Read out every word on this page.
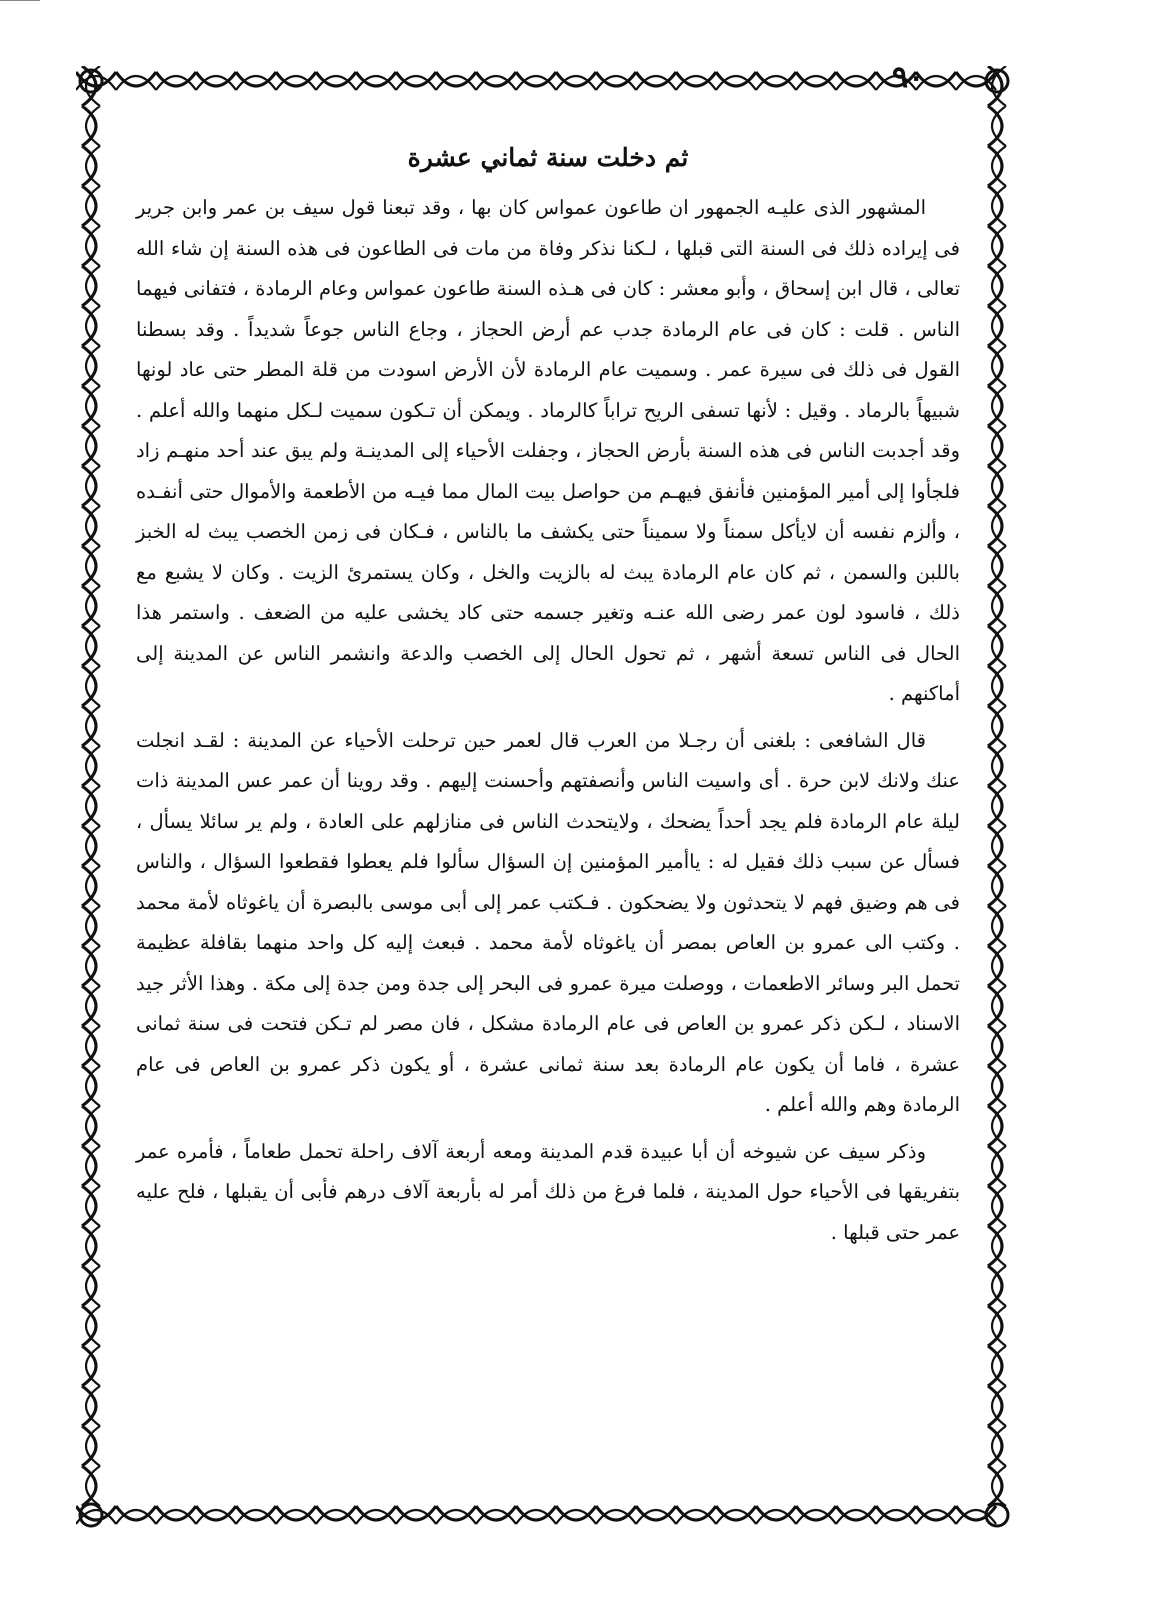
٩٠
ثم دخلت سنة ثماني عشرة

المشهور الذى عليـه الجمهور ان طاعون عمواس كان بها ، وقد تبعنا قول سيف بن عمر وابن جرير فى إيراده ذلك فى السنة التى قبلها ، لـكنا نذكر وفاة من مات فى الطاعون فى هذه السنة إن شاء الله تعالى ، قال ابن إسحاق ، وأبو معشر : كان فى هـذه السنة طاعون عمواس وعام الرمادة ، فتفانى فيهما الناس . قلت : كان فى عام الرمادة جدب عم أرض الحجاز ، وجاع الناس جوعاً شديداً . وقد بسطنا القول فى ذلك فى سيرة عمر . وسميت عام الرمادة لأن الأرض اسودت من قلة المطر حتى عاد لونها شبيهاً بالرماد . وقيل : لأنها تسفى الريح تراباً كالرماد . ويمكن أن تـكون سميت لـكل منهما والله أعلم . وقد أجدبت الناس فى هذه السنة بأرض الحجاز ، وجفلت الأحياء إلى المدينـة ولم يبق عند أحد منهـم زاد فلجأوا إلى أمير المؤمنين فأنفق فيهـم من حواصل بيت المال مما فيـه من الأطعمة والأموال حتى أنفـده ، وألزم نفسه أن لايأكل سمناً ولا سميناً حتى يكشف ما بالناس ، فـكان فى زمن الخصب يبث له الخبز باللبن والسمن ، ثم كان عام الرمادة يبث له بالزيت والخل ، وكان يستمرئ الزيت . وكان لا يشبع مع ذلك ، فاسود لون عمر رضى الله عنـه وتغير جسمه حتى كاد يخشى عليه من الضعف . واستمر هذا الحال فى الناس تسعة أشهر ، ثم تحول الحال إلى الخصب والدعة وانشمر الناس عن المدينة إلى أماكنهم .

قال الشافعى : بلغنى أن رجـلا من العرب قال لعمر حين ترحلت الأحياء عن المدينة : لقـد انجلت عنك ولانك لابن حرة . أى واسيت الناس وأنصفتهم وأحسنت إليهم . وقد روينا أن عمر عس المدينة ذات ليلة عام الرمادة فلم يجد أحداً يضحك ، ولايتحدث الناس فى منازلهم على العادة ، ولم ير سائلا يسأل ، فسأل عن سبب ذلك فقيل له : ياأمير المؤمنين إن السؤال سألوا فلم يعطوا فقطعوا السؤال ، والناس فى هم وضيق فهم لا يتحدثون ولا يضحكون . فـكتب عمر إلى أبى موسى بالبصرة أن ياغوثاه لأمة محمد . وكتب الى عمرو بن العاص بمصر أن ياغوثاه لأمة محمد . فبعث إليه كل واحد منهما بقافلة عظيمة تحمل البر وسائر الاطعمات ، ووصلت ميرة عمرو فى البحر إلى جدة ومن جدة إلى مكة . وهذا الأثر جيد الاسناد ، لـكن ذكر عمرو بن العاص فى عام الرمادة مشكل ، فان مصر لم تـكن فتحت فى سنة ثمانى عشرة ، فاما أن يكون عام الرمادة بعد سنة ثمانى عشرة ، أو يكون ذكر عمرو بن العاص فى عام الرمادة وهم والله أعلم .

وذكر سيف عن شيوخه أن أبا عبيدة قدم المدينة ومعه أربعة آلاف راحلة تحمل طعاماً ، فأمره عمر بتفريقها فى الأحياء حول المدينة ، فلما فرغ من ذلك أمر له بأربعة آلاف درهم فأبى أن يقبلها ، فلح عليه عمر حتى قبلها .
